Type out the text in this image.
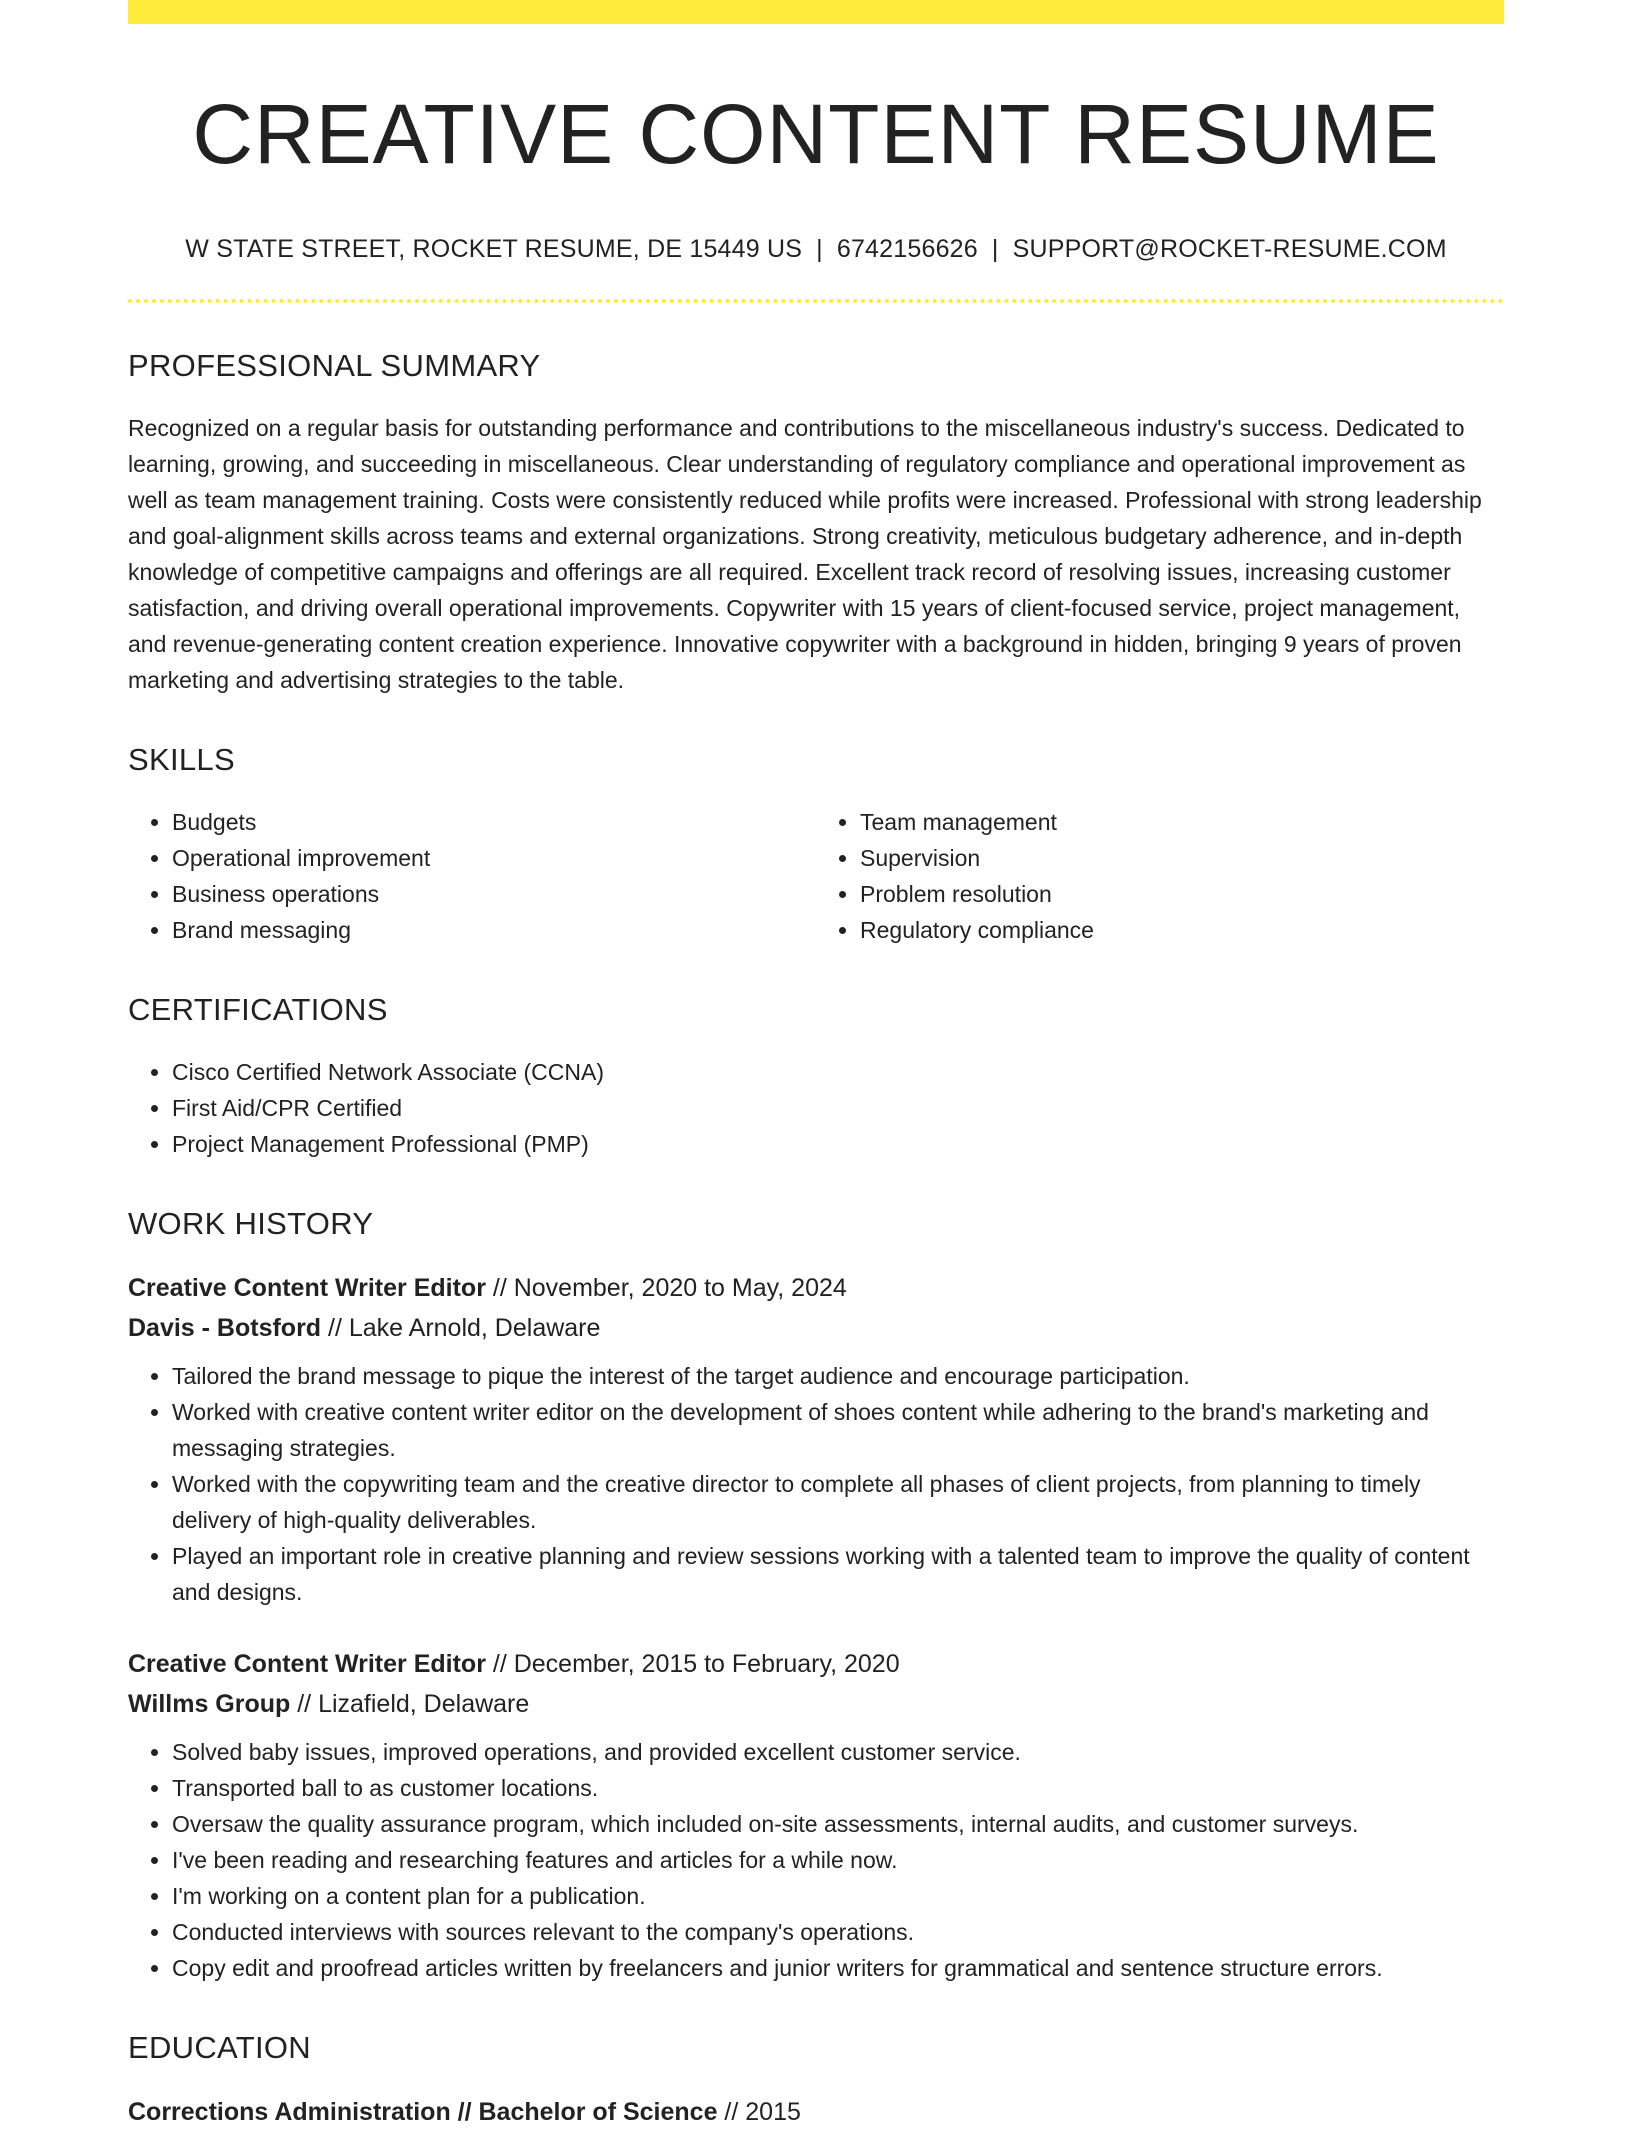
CREATIVE CONTENT RESUME
W STATE STREET, ROCKET RESUME, DE 15449 US | 6742156626 | SUPPORT@ROCKET-RESUME.COM
PROFESSIONAL SUMMARY

Recognized on a regular basis for outstanding performance and contributions to the miscellaneous industry's success. Dedicated to learning, growing, and succeeding in miscellaneous. Clear understanding of regulatory compliance and operational improvement as well as team management training. Costs were consistently reduced while profits were increased. Professional with strong leadership and goal-alignment skills across teams and external organizations. Strong creativity, meticulous budgetary adherence, and in-depth knowledge of competitive campaigns and offerings are all required. Excellent track record of resolving issues, increasing customer satisfaction, and driving overall operational improvements. Copywriter with 15 years of client-focused service, project management, and revenue-generating content creation experience. Innovative copywriter with a background in hidden, bringing 9 years of proven marketing and advertising strategies to the table.

SKILLS
• Budgets
• Operational improvement
• Business operations
• Brand messaging
• Team management
• Supervision
• Problem resolution
• Regulatory compliance
CERTIFICATIONS
• Cisco Certified Network Associate (CCNA)
• First Aid/CPR Certified
• Project Management Professional (PMP)
WORK HISTORY
Creative Content Writer Editor // November, 2020 to May, 2024
Davis - Botsford // Lake Arnold, Delaware
• Tailored the brand message to pique the interest of the target audience and encourage participation.
• Worked with creative content writer editor on the development of shoes content while adhering to the brand's marketing and messaging strategies.
• Worked with the copywriting team and the creative director to complete all phases of client projects, from planning to timely delivery of high-quality deliverables.
• Played an important role in creative planning and review sessions working with a talented team to improve the quality of content and designs.
Creative Content Writer Editor // December, 2015 to February, 2020
Willms Group // Lizafield, Delaware
• Solved baby issues, improved operations, and provided excellent customer service.
• Transported ball to as customer locations.
• Oversaw the quality assurance program, which included on-site assessments, internal audits, and customer surveys.
• I've been reading and researching features and articles for a while now.
• I'm working on a content plan for a publication.
• Conducted interviews with sources relevant to the company's operations.
• Copy edit and proofread articles written by freelancers and junior writers for grammatical and sentence structure errors.
EDUCATION
Corrections Administration // Bachelor of Science // 2015
